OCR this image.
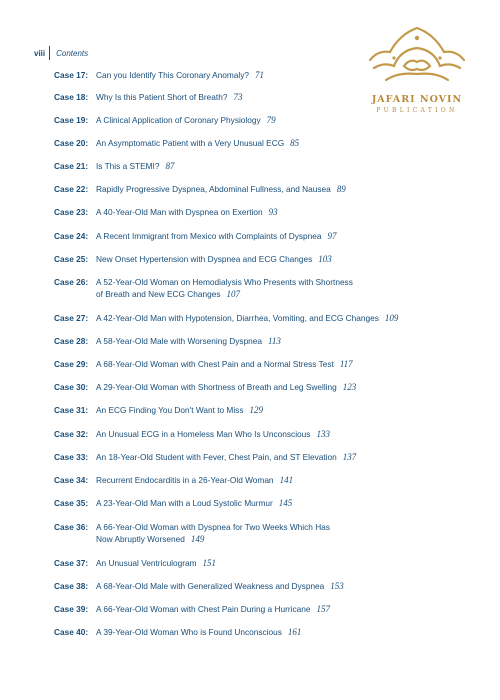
viii Contents
JAFARI NOVIN
PUBLICATION
Case 17: Can you Identify This Coronary Anomaly? 71
Case 18: Why Is this Patient Short of Breath? 73
Case 19: A Clinical Application of Coronary Physiology 79
Case 20: An Asymptomatic Patient with a Very Unusual ECG 85
Case 21: Is This a STEMI? 87
Case 22: Rapidly Progressive Dyspnea, Abdominal Fullness, and Nausea 89
Case 23: A 40-Year-Old Man with Dyspnea on Exertion 93
Case 24: A Recent Immigrant from Mexico with Complaints of Dyspnea 97
Case 25: New Onset Hypertension with Dyspnea and ECG Changes 103
Case 26: A 52-Year-Old Woman on Hemodialysis Who Presents with Shortness
of Breath and New ECG Changes 107
Case 27: A 42-Year-Old Man with Hypotension, Diarrhea, Vomiting, and ECG Changes 109
Case 28: A 58-Year-Old Male with Worsening Dyspnea 113
Case 29: A 68-Year-Old Woman with Chest Pain and a Normal Stress Test 117
Case 30: A 29-Year-Old Woman with Shortness of Breath and Leg Swelling 123
Case 31: An ECG Finding You Don't Want to Miss 129
Case 32: An Unusual ECG in a Homeless Man Who Is Unconscious 133
Case 33: An 18-Year-Old Student with Fever, Chest Pain, and ST Elevation 137
Case 34: Recurrent Endocarditis in a 26-Year-Old Woman 141
Case 35: A 23-Year-Old Man with a Loud Systolic Murmur 145
Case 36: A 66-Year-Old Woman with Dyspnea for Two Weeks Which Has
Now Abruptly Worsened 149
Case 37: An Unusual Ventriculogram 151
Case 38: A 68-Year-Old Male with Generalized Weakness and Dyspnea 153
Case 39: A 66-Year-Old Woman with Chest Pain During a Hurricane 157
Case 40: A 39-Year-Old Woman Who is Found Unconscious 161
